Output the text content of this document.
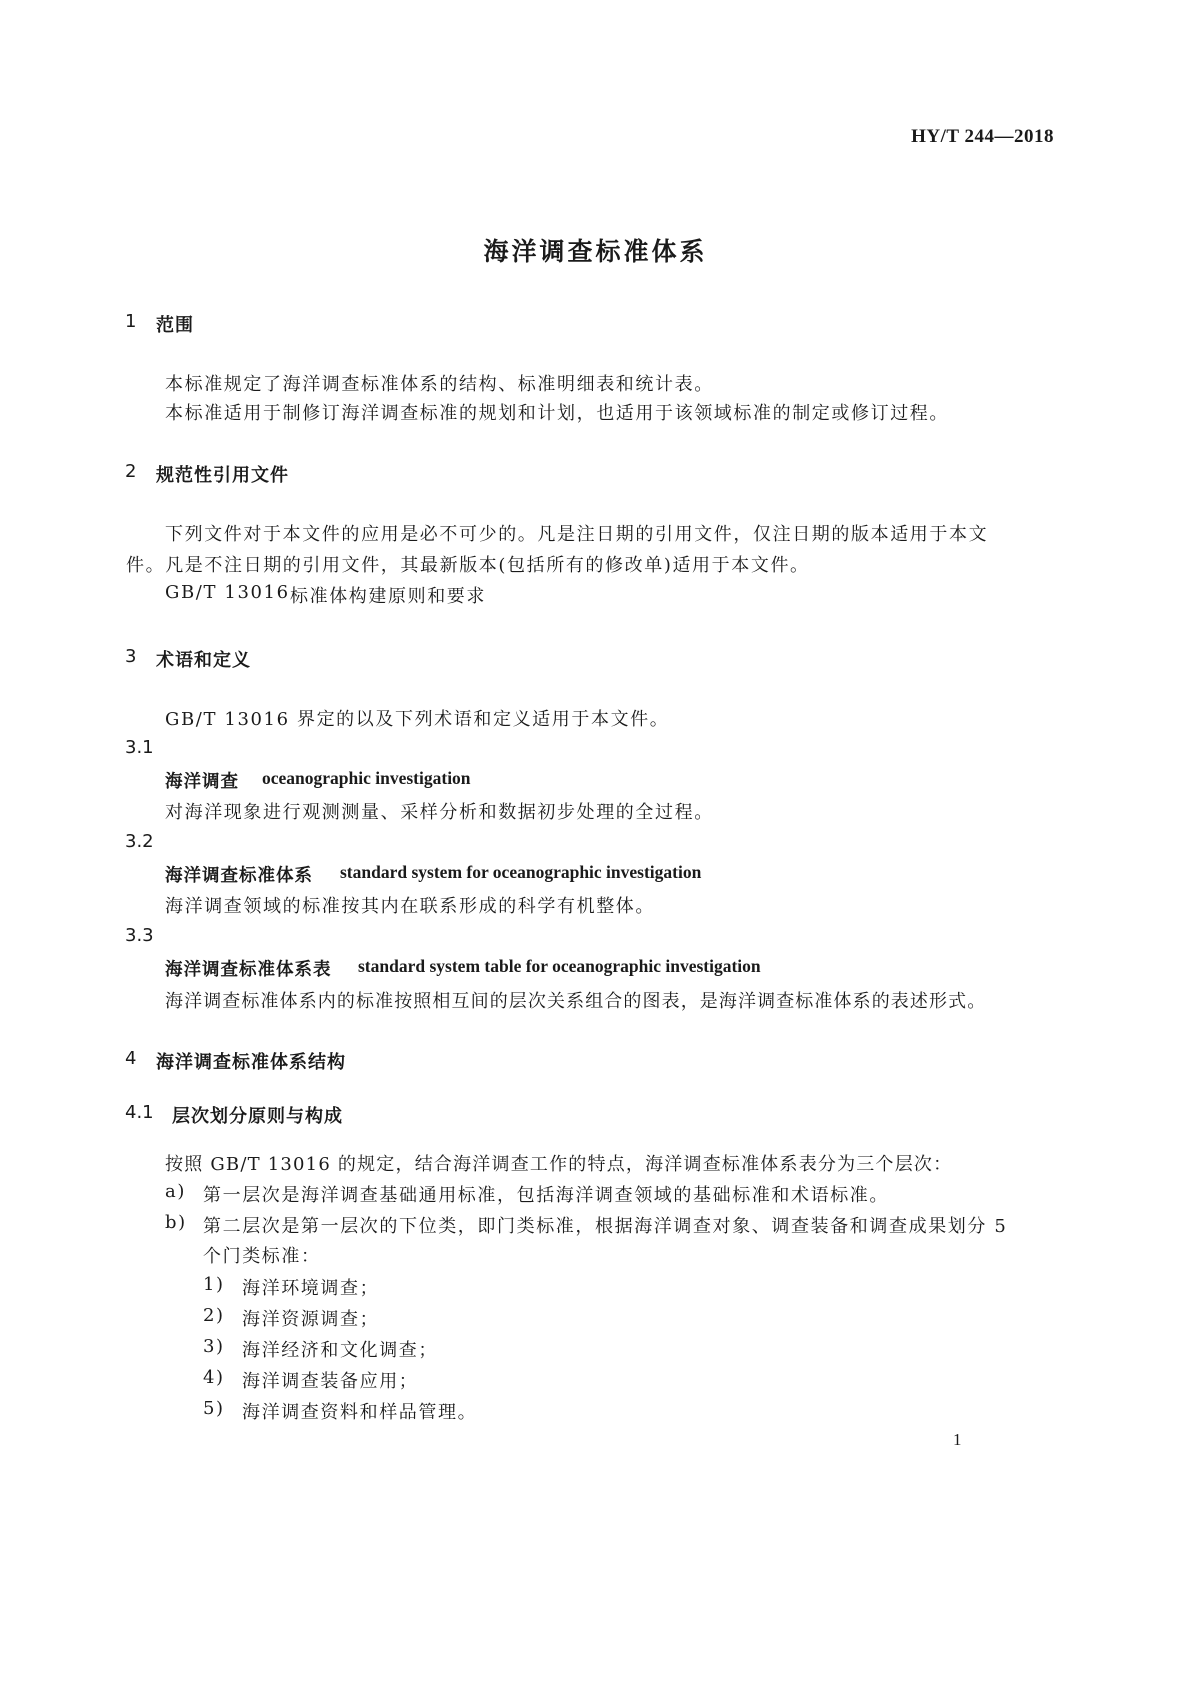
HY/T 244—2018
海洋调查标准体系
1 范围
本标准规定了海洋调查标准体系的结构、标准明细表和统计表。
本标准适用于制修订海洋调查标准的规划和计划，也适用于该领域标准的制定或修订过程。
2 规范性引用文件
下列文件对于本文件的应用是必不可少的。凡是注日期的引用文件，仅注日期的版本适用于本文
件。凡是不注日期的引用文件，其最新版本(包括所有的修改单)适用于本文件。
GB/T 13016 标准体构建原则和要求
3 术语和定义
GB/T 13016 界定的以及下列术语和定义适用于本文件。
3.1
海洋调查 oceanographic investigation
对海洋现象进行观测测量、采样分析和数据初步处理的全过程。
3.2
海洋调查标准体系 standard system for oceanographic investigation
海洋调查领域的标准按其内在联系形成的科学有机整体。
3.3
海洋调查标准体系表 standard system table for oceanographic investigation
海洋调查标准体系内的标准按照相互间的层次关系组合的图表，是海洋调查标准体系的表述形式。
4 海洋调查标准体系结构
4.1 层次划分原则与构成
按照 GB/T 13016 的规定，结合海洋调查工作的特点，海洋调查标准体系表分为三个层次：
a) 第一层次是海洋调查基础通用标准，包括海洋调查领域的基础标准和术语标准。
b) 第二层次是第一层次的下位类，即门类标准，根据海洋调查对象、调查装备和调查成果划分 5
个门类标准：
1) 海洋环境调查；
2) 海洋资源调查；
3) 海洋经济和文化调查；
4) 海洋调查装备应用；
5) 海洋调查资料和样品管理。
1
